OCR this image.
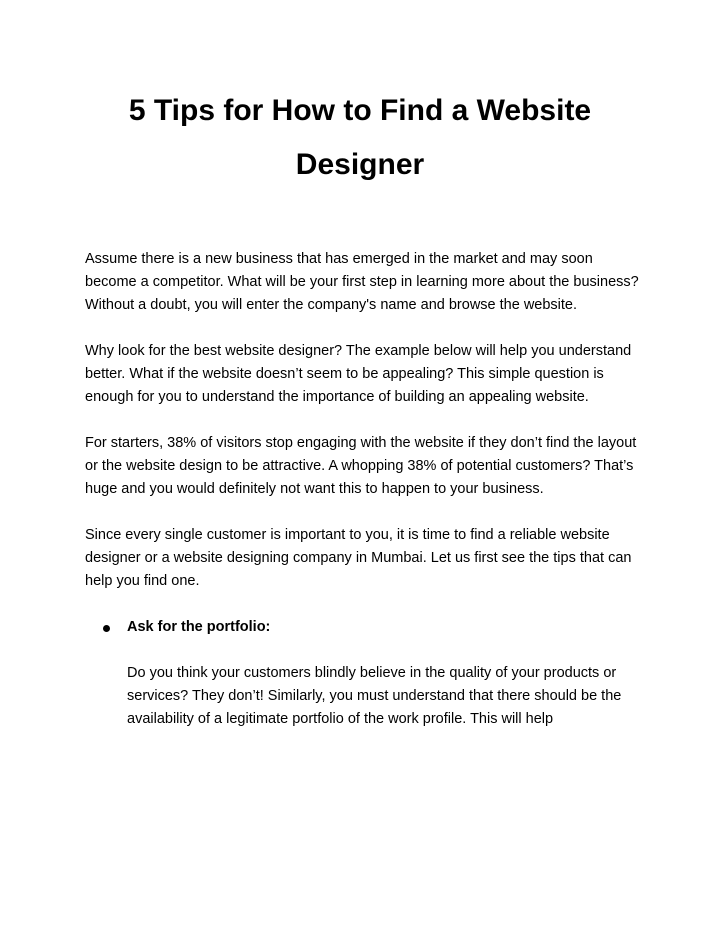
5 Tips for How to Find a Website
Designer

Assume there is a new business that has emerged in the market and may soon become a competitor. What will be your first step in learning more about the business? Without a doubt, you will enter the company's name and browse the website.

Why look for the best website designer? The example below will help you understand better. What if the website doesn’t seem to be appealing? This simple question is enough for you to understand the importance of building an appealing website.

For starters, 38% of visitors stop engaging with the website if they don’t find the layout or the website design to be attractive. A whopping 38% of potential customers? That’s huge and you would definitely not want this to happen to your business.

Since every single customer is important to you, it is time to find a reliable website designer or a website designing company in Mumbai. Let us first see the tips that can help you find one.

Ask for the portfolio:

Do you think your customers blindly believe in the quality of your products or services? They don’t! Similarly, you must understand that there should be the availability of a legitimate portfolio of the work profile. This will help
